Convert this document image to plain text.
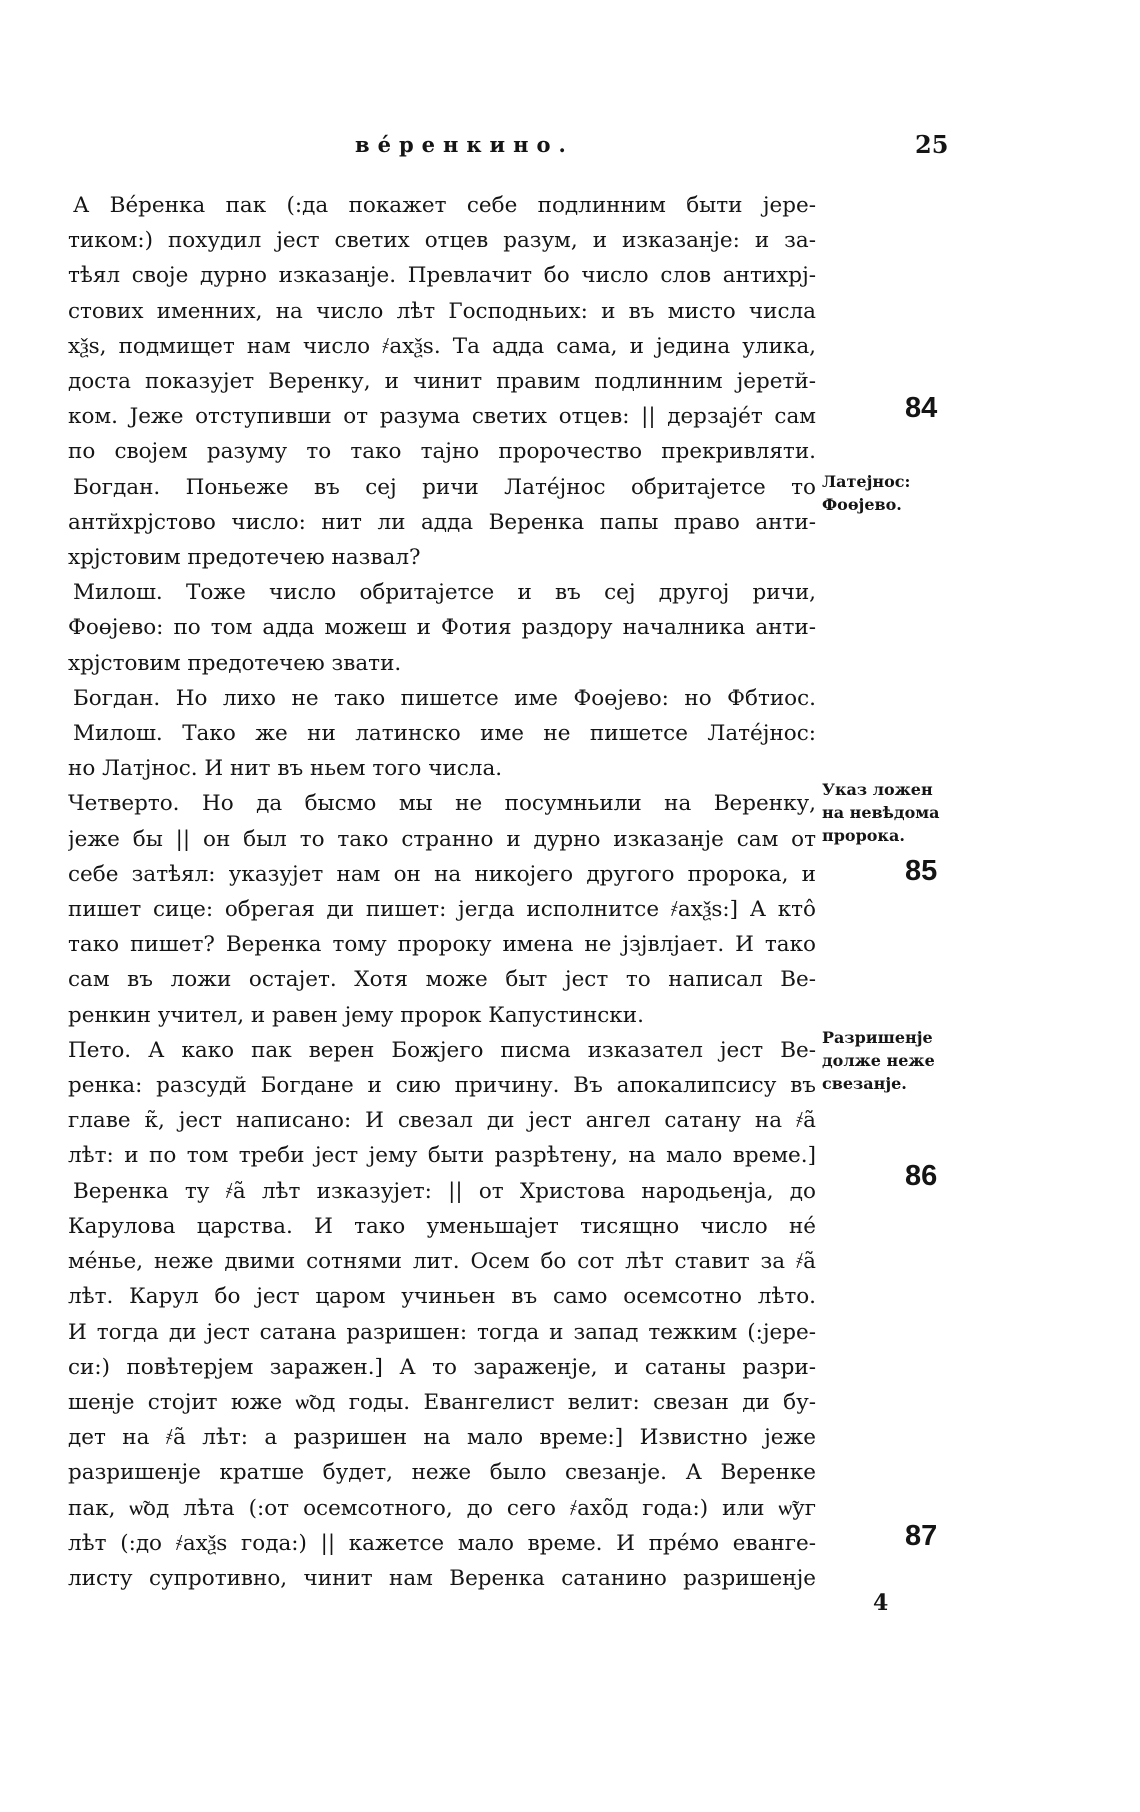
вéренкино.	25

А Вéренка пак (:да покажет себе подлинним быти јере-
тиком:) похудил јест светих отцев разум, и изказанје: и за-
тѣял своје дурно изказанје. Превлачит бо число слов антихрј-
стових именних, на число лѣт Господньих: и въ мисто числа
хѯѕ, подмищет нам число ҂ахѯѕ. Та адда сама, и јединa улика,
доста показујет Веренку, и чинит правим подлинним јеретй-
ком. Јеже отступивши от разума светих отцев: || дерзајéт сам
по својем разуму то тако тајно пророчество прекривляти.

Богдан. Поньеже въ сеј ричи Латéјнос обритајетсе то
антйхрјстово число: нит ли адда Веренка папы право анти-
хрјстовим предотечею назвал?

Милош. Тоже число обритајетсе и въ сеј другој ричи,
Фоөјево: по том адда можеш и Фотия раздору началника анти-
хрјстовим предотечею звати.

Богдан. Но лихо не тако пишетсе име Фоөјево: но Фбтиос.

Милош. Тако же ни латинско име не пишетсе Латéјнос:
но Латјнос. И нит въ ньем того числа.

Четверто. Но да бысмо мы не посумньили на Веренку,
јеже бы || он был то тако странно и дурно изказанје сам от
себе затѣял: указујет нам он на никојего другого пророка, и
пишет сице: обрегая ди пишет: јегда исполнитсе ҂ахѯѕ:] А ктô
тако пишет? Веренка тому пророку имена не јзјвлјает. И тако
сам въ ложи остајет. Хотя може быт јест то написал Ве-
ренкин учител, и равен јему пророк Капустински.

Пето. А како пак верен Божјего писма изказател јест Ве-
ренка: разсудй Богдане и сию причину. Въ апокалипсису въ
главе к̃, јест написано: И свезал ди јест ангел сатану на ҂а̃
лѣт: и по том треби јест јему быти разрѣтену, на мало време.]

Веренка ту ҂а̃ лѣт изказујет: || от Христова народьенјa, до
Карулова царства. И тако уменьшајет тисящно число нé
мéнье, неже двими сотнями лит. Осем бо сот лѣт ставит за ҂а̃
лѣт. Карул бо јест царом учиньен въ само осемсотно лѣто.
И тогда ди јест сатана разришен: тогда и запад тежким (:јере-
си:) повѣтерјем заражен.] А то зараженје, и сатаны разри-
шенје стојит юже ѡ̃од годы. Евангелист велит: свезан ди бу-
дет на ҂а̃ лѣт: а разришен на мало време:] Извистно јеже
разришенје кратше будет, неже было свезанје. А Веренке
пак, ѡ̃од лѣта (:от осемсотного, до сего ҂ахо̃д года:) или ѡ̃уг
лѣт (:до ҂ахѯѕ года:) || кажетсе мало време. И прéмо еванге-
листу супротивно, чинит нам Веренка сатанино разришенје

84
85
86
87
Латејнос:
Фоөјево.
Указ ложен
на невѣдома
пророка.
Разришенје
долже неже
свезанје.
4
